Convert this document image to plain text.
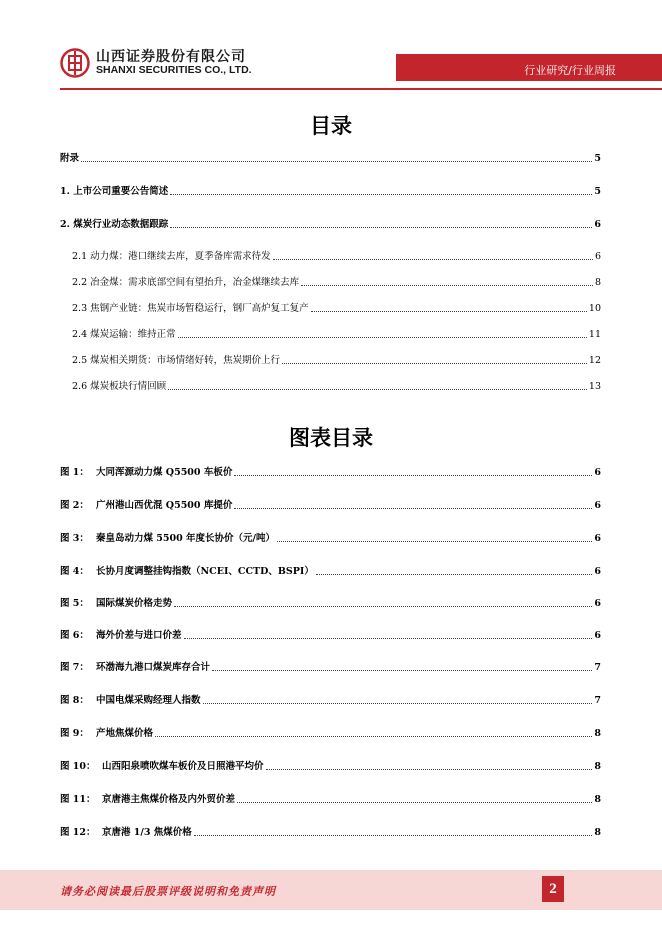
山西证券股份有限公司
SHANXI SECURITIES CO., LTD.	行业研究/行业周报
目录
附录	5
1. 上市公司重要公告简述	5
2. 煤炭行业动态数据跟踪	6
2.1 动力煤：港口继续去库，夏季备库需求待发	6
2.2 冶金煤：需求底部空间有望抬升，冶金煤继续去库	8
2.3 焦钢产业链：焦炭市场暂稳运行，钢厂高炉复工复产	10
2.4 煤炭运输：维持正常	11
2.5 煤炭相关期货：市场情绪好转，焦炭期价上行	12
2.6 煤炭板块行情回顾	13
图表目录
图 1： 大同浑源动力煤 Q5500 车板价	6
图 2： 广州港山西优混 Q5500 库提价	6
图 3： 秦皇岛动力煤 5500 年度长协价（元/吨）	6
图 4： 长协月度调整挂钩指数（NCEI、CCTD、BSPI）	6
图 5： 国际煤炭价格走势	6
图 6： 海外价差与进口价差	6
图 7： 环渤海九港口煤炭库存合计	7
图 8： 中国电煤采购经理人指数	7
图 9： 产地焦煤价格	8
图 10： 山西阳泉喷吹煤车板价及日照港平均价	8
图 11： 京唐港主焦煤价格及内外贸价差	8
图 12： 京唐港 1/3 焦煤价格	8
请务必阅读最后股票评级说明和免责声明	2
